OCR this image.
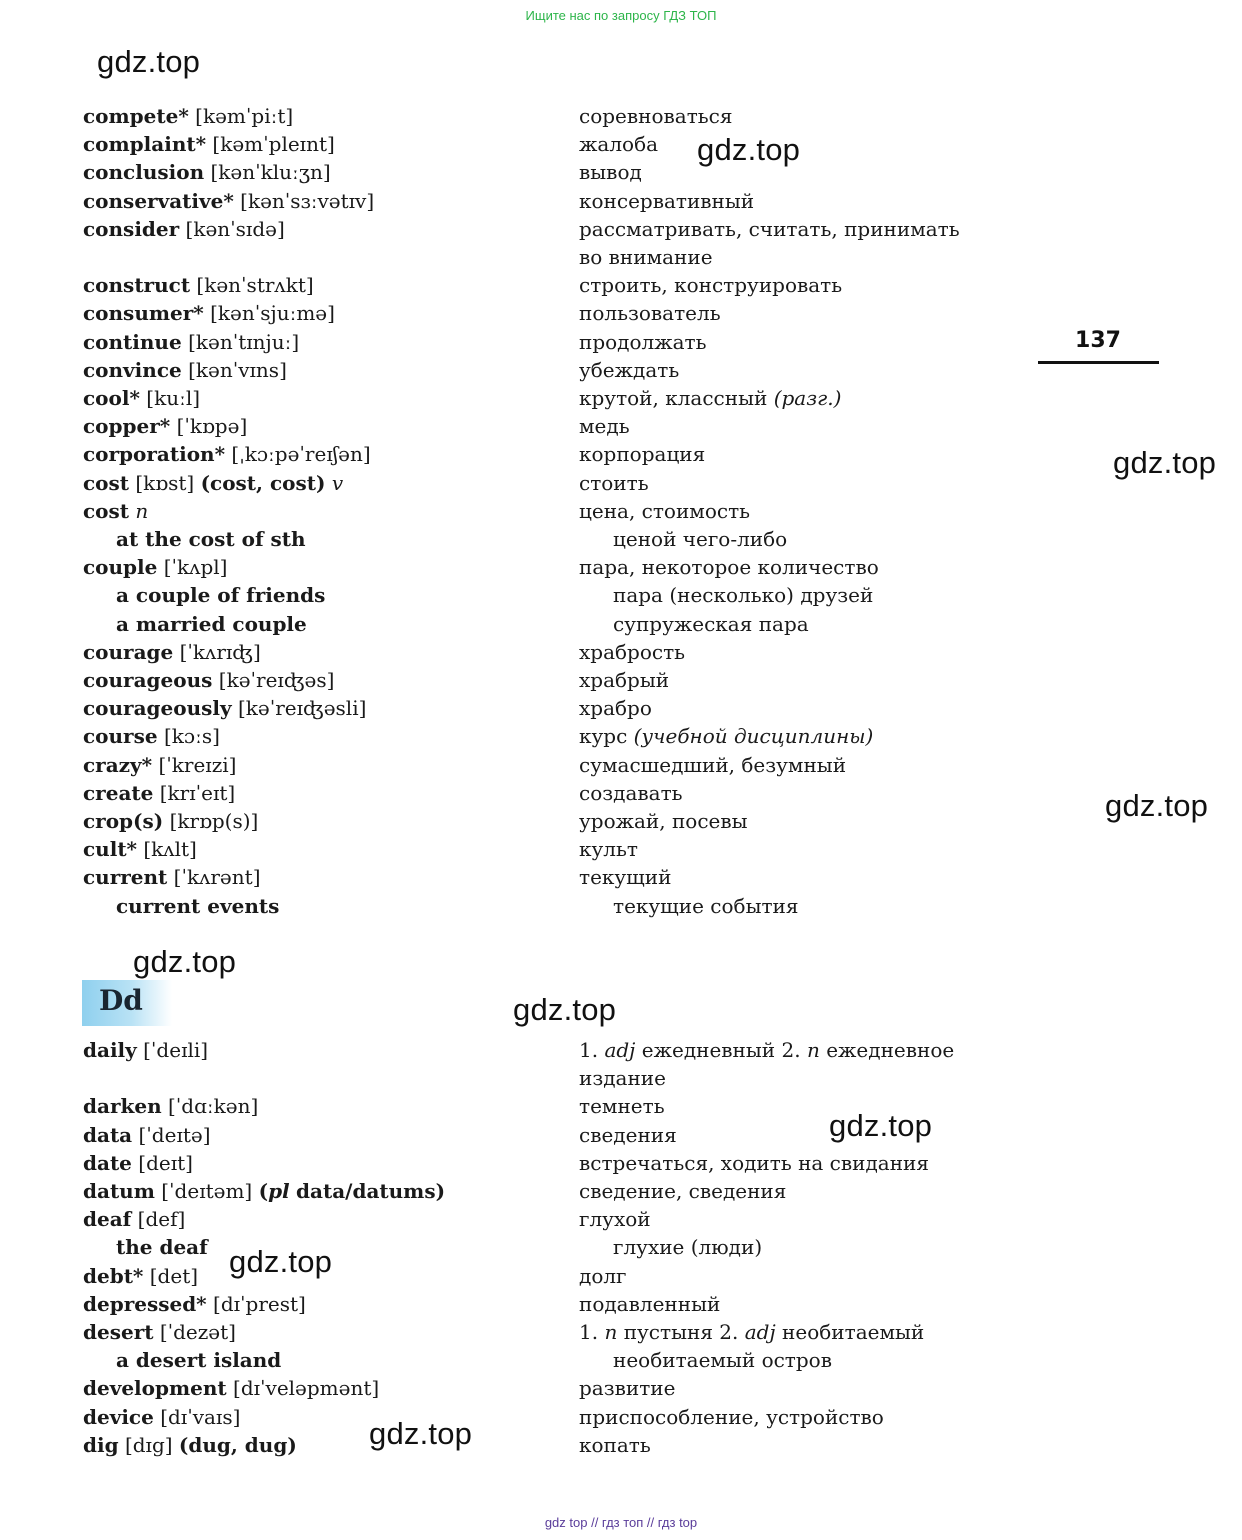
Ищите нас по запросу ГДЗ ТОП
gdz.top
gdz.top
gdz.top
gdz.top
gdz.top
gdz.top
gdz.top
gdz.top
gdz.top
137
compete* [kəmˈpiːt]	соревноваться
complaint* [kəmˈpleɪnt]	жалоба
conclusion [kənˈkluːʒn]	вывод
conservative* [kənˈsɜːvətɪv]	консервативный
consider [kənˈsɪdə]	рассматривать, считать, принимать
во внимание
construct [kənˈstrʌkt]	строить, конструировать
consumer* [kənˈsjuːmə]	пользователь
continue [kənˈtɪnjuː]	продолжать
convince [kənˈvɪns]	убеждать
cool* [kuːl]	крутой, классный (разг.)
copper* [ˈkɒpə]	медь
corporation* [ˌkɔːpəˈreɪʃən]	корпорация
cost [kɒst] (cost, cost) v	стоить
cost n	цена, стоимость
at the cost of sth	ценой чего-либо
couple [ˈkʌpl]	пара, некоторое количество
a couple of friends	пара (несколько) друзей
a married couple	супружеская пара
courage [ˈkʌrɪʤ]	храбрость
courageous [kəˈreɪʤəs]	храбрый
courageously [kəˈreɪʤəsli]	храбро
course [kɔːs]	курс (учебной дисциплины)
crazy* [ˈkreɪzi]	сумасшедший, безумный
create [krɪˈeɪt]	создавать
crop(s) [krɒp(s)]	урожай, посевы
cult* [kʌlt]	культ
current [ˈkʌrənt]	текущий
current events	текущие события
Dd
daily [ˈdeɪli]	1. adj ежедневный 2. n ежедневное
издание
darken [ˈdɑːkən]	темнеть
data [ˈdeɪtə]	сведения
date [deɪt]	встречаться, ходить на свидания
datum [ˈdeɪtəm] (pl data/datums)	сведение, сведения
deaf [def]	глухой
the deaf	глухие (люди)
debt* [det]	долг
depressed* [dɪˈprest]	подавленный
desert [ˈdezət]	1. n пустыня 2. adj необитаемый
a desert island	необитаемый остров
development [dɪˈveləpmənt]	развитие
device [dɪˈvaɪs]	приспособление, устройство
dig [dɪg] (dug, dug)	копать
gdz top // гдз топ // гдз top
